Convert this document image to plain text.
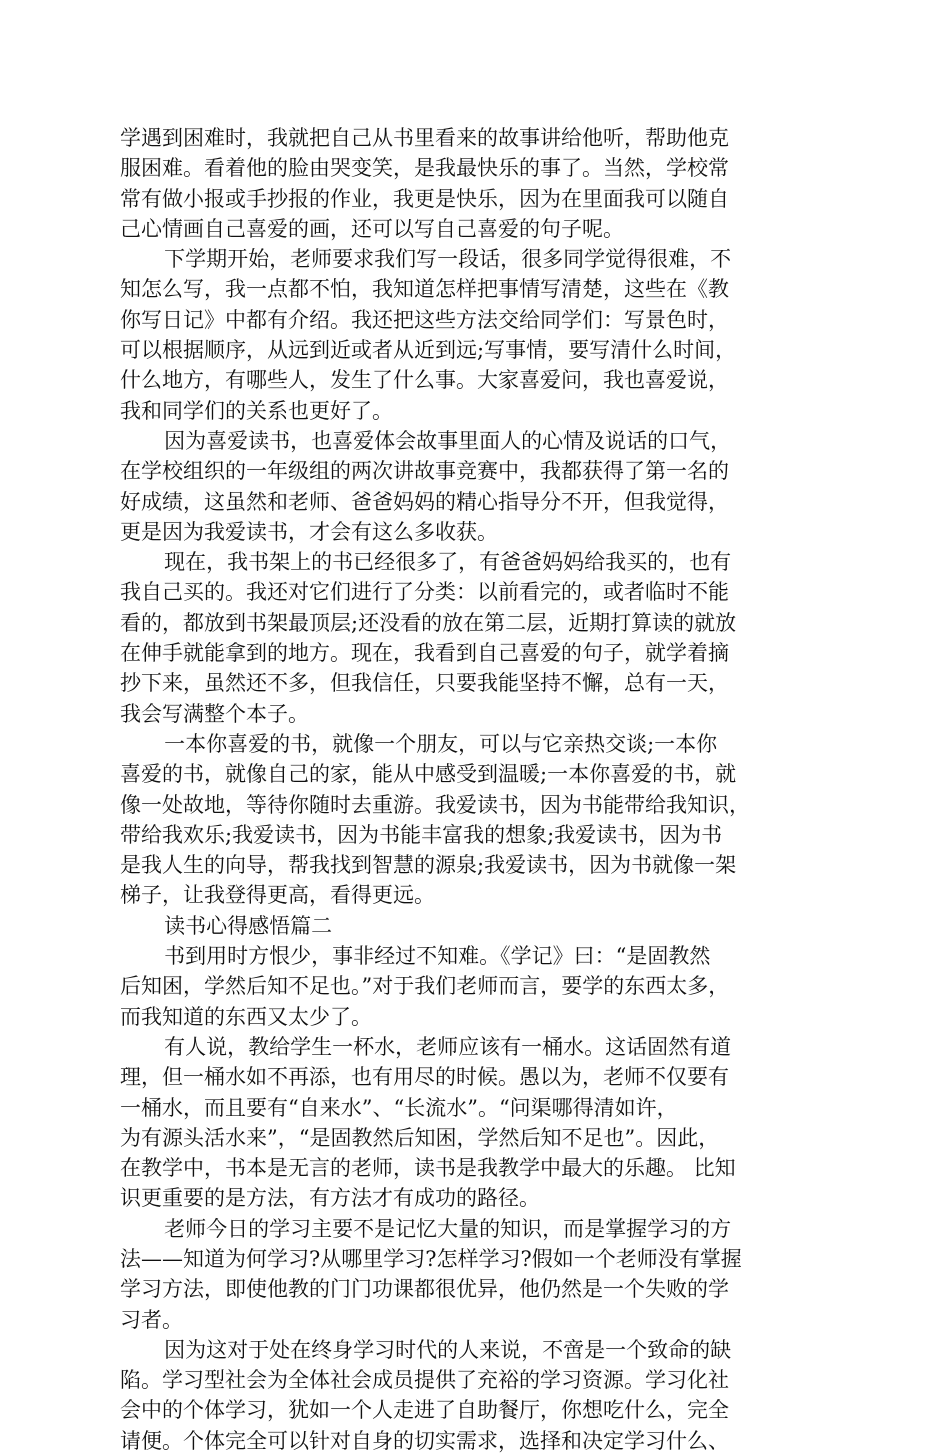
学遇到困难时，我就把自己从书里看来的故事讲给他听，帮助他克
服困难。看着他的脸由哭变笑，是我最快乐的事了。当然，学校常
常有做小报或手抄报的作业，我更是快乐，因为在里面我可以随自
己心情画自己喜爱的画，还可以写自己喜爱的句子呢。

下学期开始，老师要求我们写一段话，很多同学觉得很难，不
知怎么写，我一点都不怕，我知道怎样把事情写清楚，这些在《教
你写日记》中都有介绍。我还把这些方法交给同学们：写景色时，
可以根据顺序，从远到近或者从近到远;写事情，要写清什么时间，
什么地方，有哪些人，发生了什么事。大家喜爱问，我也喜爱说，
我和同学们的关系也更好了。

因为喜爱读书，也喜爱体会故事里面人的心情及说话的口气，
在学校组织的一年级组的两次讲故事竞赛中，我都获得了第一名的
好成绩，这虽然和老师、爸爸妈妈的精心指导分不开，但我觉得，
更是因为我爱读书，才会有这么多收获。

现在，我书架上的书已经很多了，有爸爸妈妈给我买的，也有
我自己买的。我还对它们进行了分类：以前看完的，或者临时不能
看的，都放到书架最顶层;还没看的放在第二层，近期打算读的就放
在伸手就能拿到的地方。现在，我看到自己喜爱的句子，就学着摘
抄下来，虽然还不多，但我信任，只要我能坚持不懈，总有一天，
我会写满整个本子。

一本你喜爱的书，就像一个朋友，可以与它亲热交谈;一本你
喜爱的书，就像自己的家，能从中感受到温暖;一本你喜爱的书，就
像一处故地，等待你随时去重游。我爱读书，因为书能带给我知识，
带给我欢乐;我爱读书，因为书能丰富我的想象;我爱读书，因为书
是我人生的向导，帮我找到智慧的源泉;我爱读书，因为书就像一架
梯子，让我登得更高，看得更远。

读书心得感悟篇二

书到用时方恨少，事非经过不知难。《学记》曰：“是固教然
后知困，学然后知不足也。”对于我们老师而言，要学的东西太多，
而我知道的东西又太少了。

有人说，教给学生一杯水，老师应该有一桶水。这话固然有道
理，但一桶水如不再添，也有用尽的时候。愚以为，老师不仅要有
一桶水，而且要有“自来水”、“长流水”。“问渠哪得清如许，
为有源头活水来”，“是固教然后知困，学然后知不足也”。因此，
在教学中，书本是无言的老师，读书是我教学中最大的乐趣。 比知
识更重要的是方法，有方法才有成功的路径。

老师今日的学习主要不是记忆大量的知识，而是掌握学习的方
法——知道为何学习?从哪里学习?怎样学习?假如一个老师没有掌握
学习方法，即使他教的门门功课都很优异，他仍然是一个失败的学
习者。

因为这对于处在终身学习时代的人来说，不啻是一个致命的缺
陷。学习型社会为全体社会成员提供了充裕的学习资源。学习化社
会中的个体学习，犹如一个人走进了自助餐厅，你想吃什么，完全
请便。个体完全可以针对自身的切实需求，选择和决定学习什么、
